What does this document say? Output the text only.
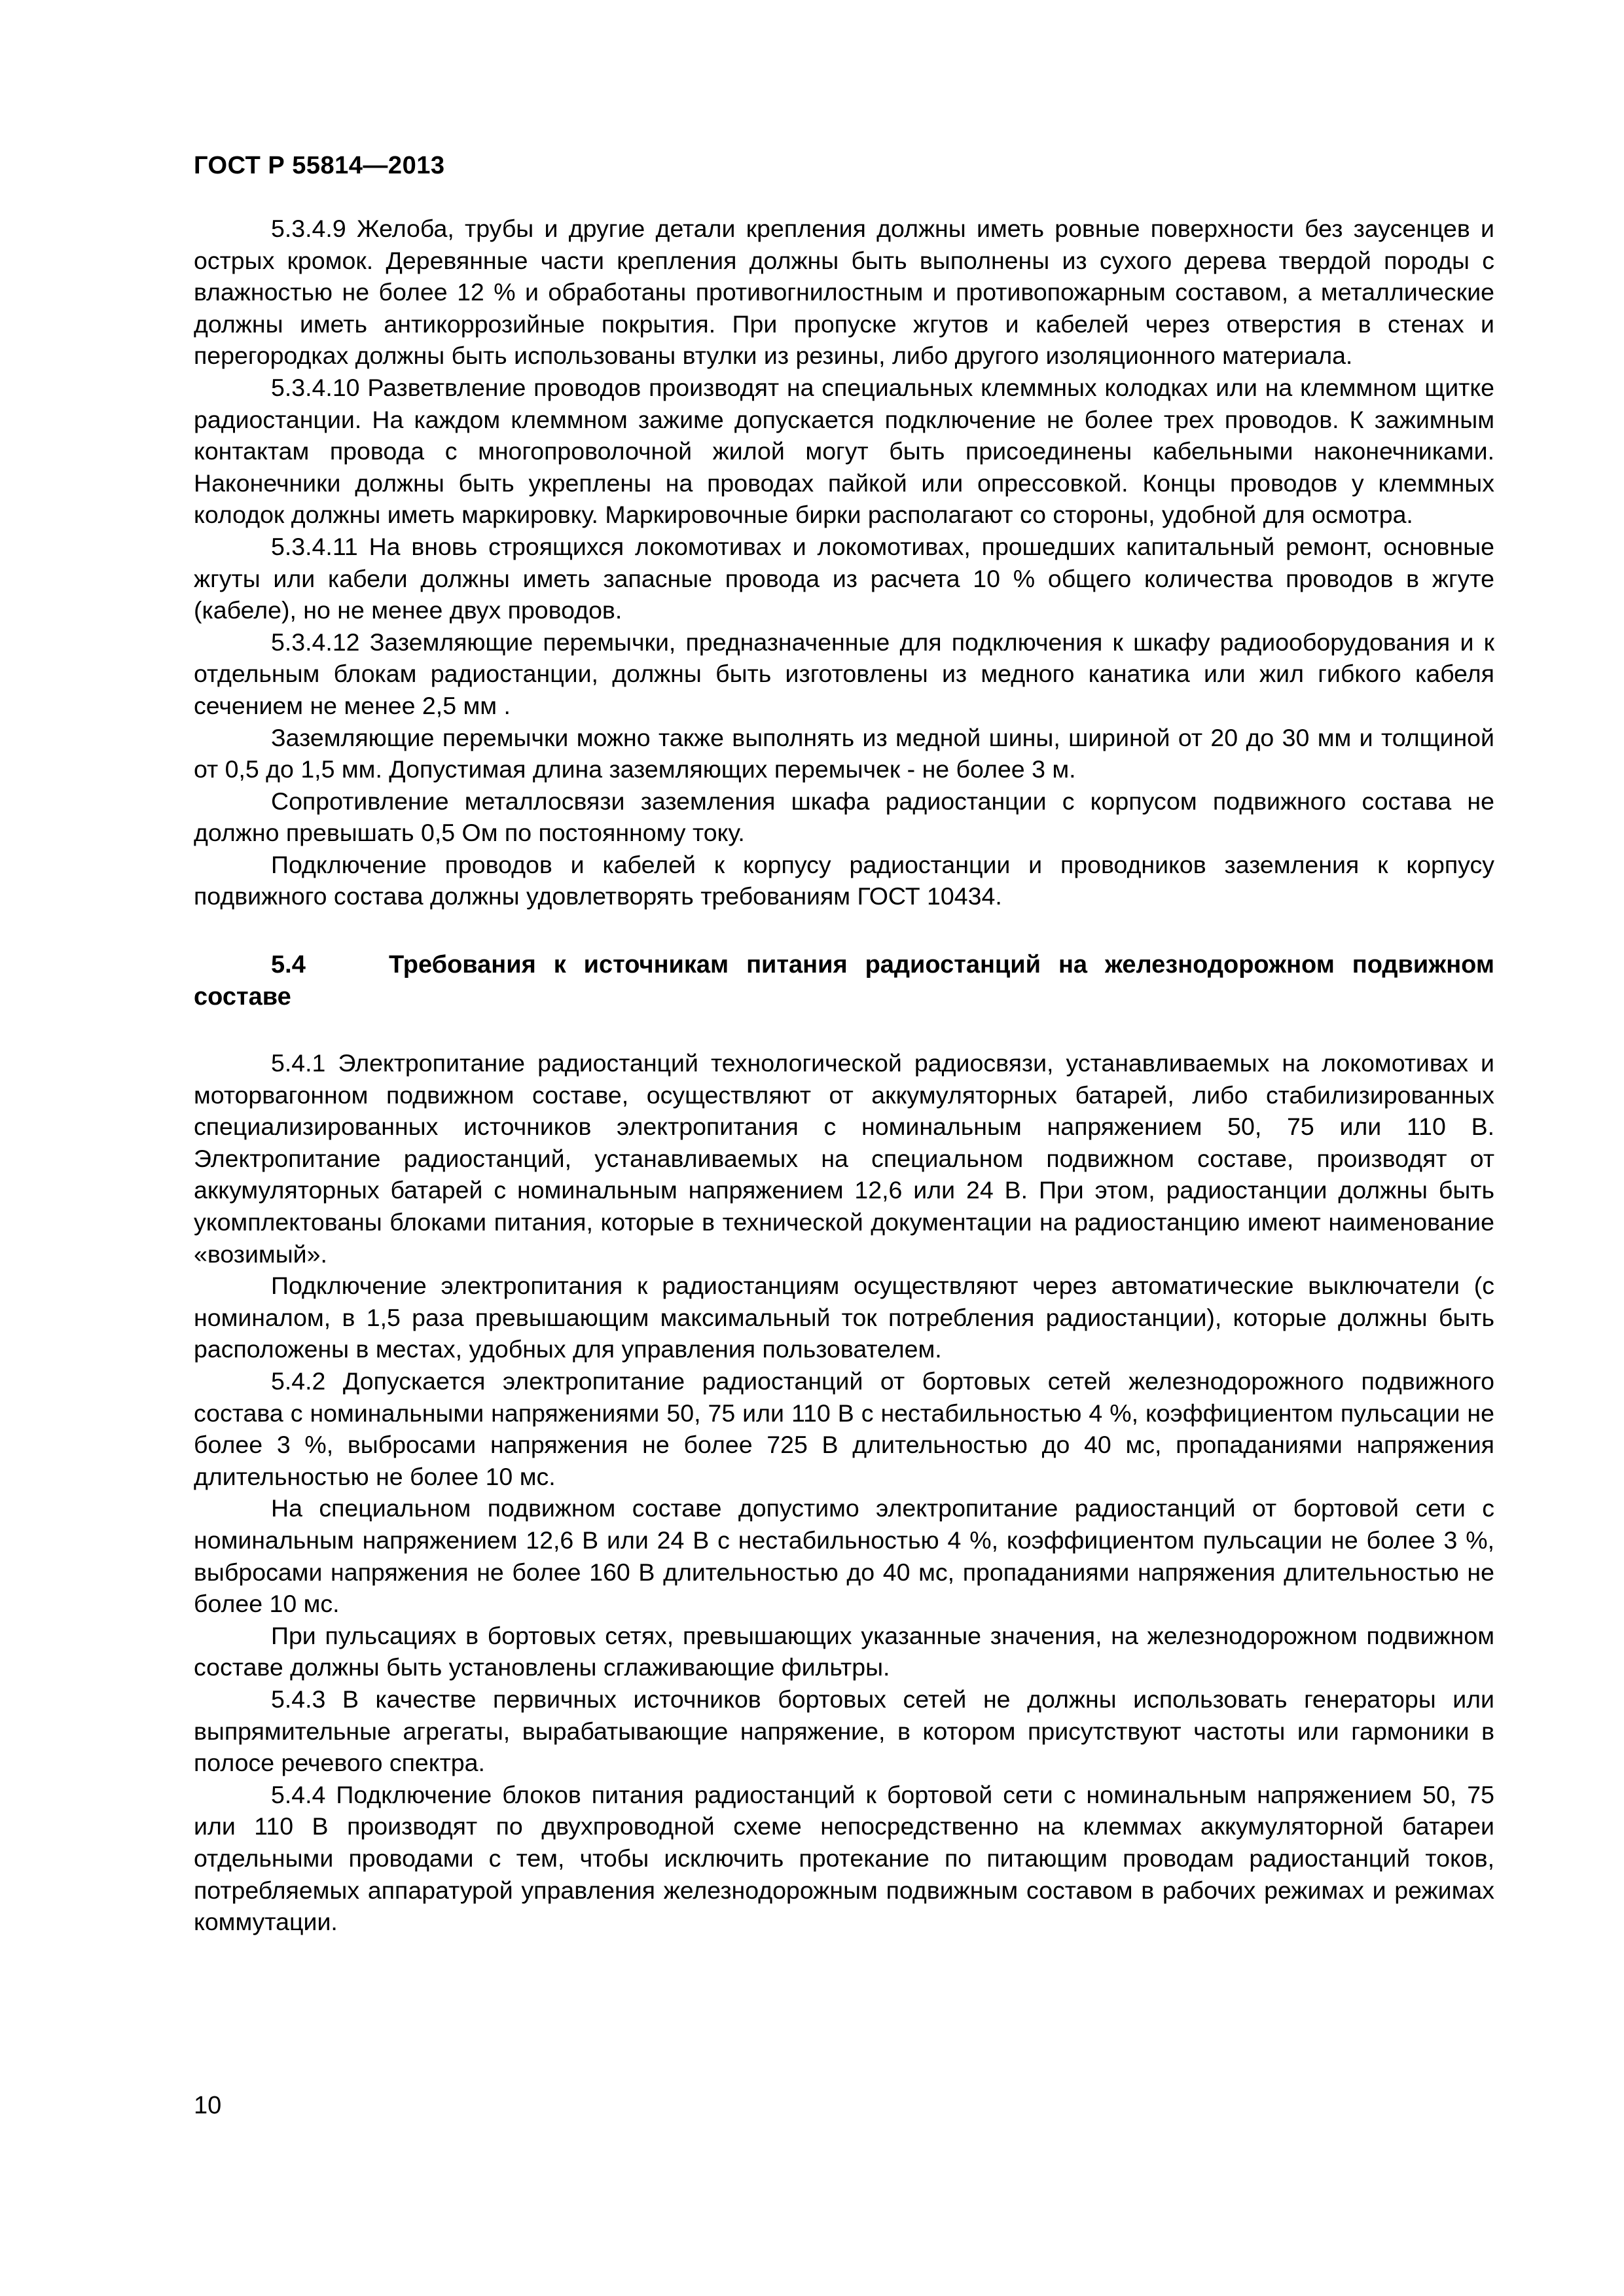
ГОСТ Р 55814—2013

5.3.4.9 Желоба, трубы и другие детали крепления должны иметь ровные поверхности без заусенцев и острых кромок. Деревянные части крепления должны быть выполнены из сухого дерева твердой породы с влажностью не более 12 % и обработаны противогнилостным и противопожарным составом, а металлические должны иметь антикоррозийные покрытия. При пропуске жгутов и кабелей через отверстия в стенах и перегородках должны быть использованы втулки из резины, либо другого изоляционного материала.

5.3.4.10 Разветвление проводов производят на специальных клеммных колодках или на клеммном щитке радиостанции. На каждом клеммном зажиме допускается подключение не более трех проводов. К зажимным контактам провода с многопроволочной жилой могут быть присоединены кабельными наконечниками. Наконечники должны быть укреплены на проводах пайкой или опрессовкой. Концы проводов у клеммных колодок должны иметь маркировку. Маркировочные бирки располагают со стороны, удобной для осмотра.

5.3.4.11 На вновь строящихся локомотивах и локомотивах, прошедших капитальный ремонт, основные жгуты или кабели должны иметь запасные провода из расчета 10 % общего количества проводов в жгуте (кабеле), но не менее двух проводов.

5.3.4.12 Заземляющие перемычки, предназначенные для подключения к шкафу радиооборудования и к отдельным блокам радиостанции, должны быть изготовлены из медного канатика или жил гибкого кабеля сечением не менее 2,5 мм .

Заземляющие перемычки можно также выполнять из медной шины, шириной от 20 до 30 мм и толщиной от 0,5 до 1,5 мм. Допустимая длина заземляющих перемычек - не более 3 м.

Сопротивление металлосвязи заземления шкафа радиостанции с корпусом подвижного состава не должно превышать 0,5 Ом по постоянному току.

Подключение проводов и кабелей к корпусу радиостанции и проводников заземления к корпусу подвижного состава должны удовлетворять требованиям ГОСТ 10434.

5.4	Требования к источникам питания радиостанций на железнодорожном подвижном составе

5.4.1 Электропитание радиостанций технологической радиосвязи, устанавливаемых на локомотивах и моторвагонном подвижном составе, осуществляют от аккумуляторных батарей, либо стабилизированных специализированных источников электропитания с номинальным напряжением 50, 75 или 110 В. Электропитание радиостанций, устанавливаемых на специальном подвижном составе, производят от аккумуляторных батарей с номинальным напряжением 12,6 или 24 В. При этом, радиостанции должны быть укомплектованы блоками питания, которые в технической документации на радиостанцию имеют наименование «возимый».

Подключение электропитания к радиостанциям осуществляют через автоматические выключатели (с номиналом, в 1,5 раза превышающим максимальный ток потребления радиостанции), которые должны быть расположены в местах, удобных для управления пользователем.

5.4.2 Допускается электропитание радиостанций от бортовых сетей железнодорожного подвижного состава с номинальными напряжениями 50, 75 или 110 В с нестабильностью 4 %, коэффициентом пульсации не более 3 %, выбросами напряжения не более 725 В длительностью до 40 мс, пропаданиями напряжения длительностью не более 10 мс.

На специальном подвижном составе допустимо электропитание радиостанций от бортовой сети с номинальным напряжением 12,6 В или 24 В с нестабильностью 4 %, коэффициентом пульсации не более 3 %, выбросами напряжения не более 160 В длительностью до 40 мс, пропаданиями напряжения длительностью не более 10 мс.

При пульсациях в бортовых сетях, превышающих указанные значения, на железнодорожном подвижном составе должны быть установлены сглаживающие фильтры.

5.4.3 В качестве первичных источников бортовых сетей не должны использовать генераторы или выпрямительные агрегаты, вырабатывающие напряжение, в котором присутствуют частоты или гармоники в полосе речевого спектра.

5.4.4 Подключение блоков питания радиостанций к бортовой сети с номинальным напряжением 50, 75 или 110 В производят по двухпроводной схеме непосредственно на клеммах аккумуляторной батареи отдельными проводами с тем, чтобы исключить протекание по питающим проводам радиостанций токов, потребляемых аппаратурой управления железнодорожным подвижным составом в рабочих режимах и режимах коммутации.

10
